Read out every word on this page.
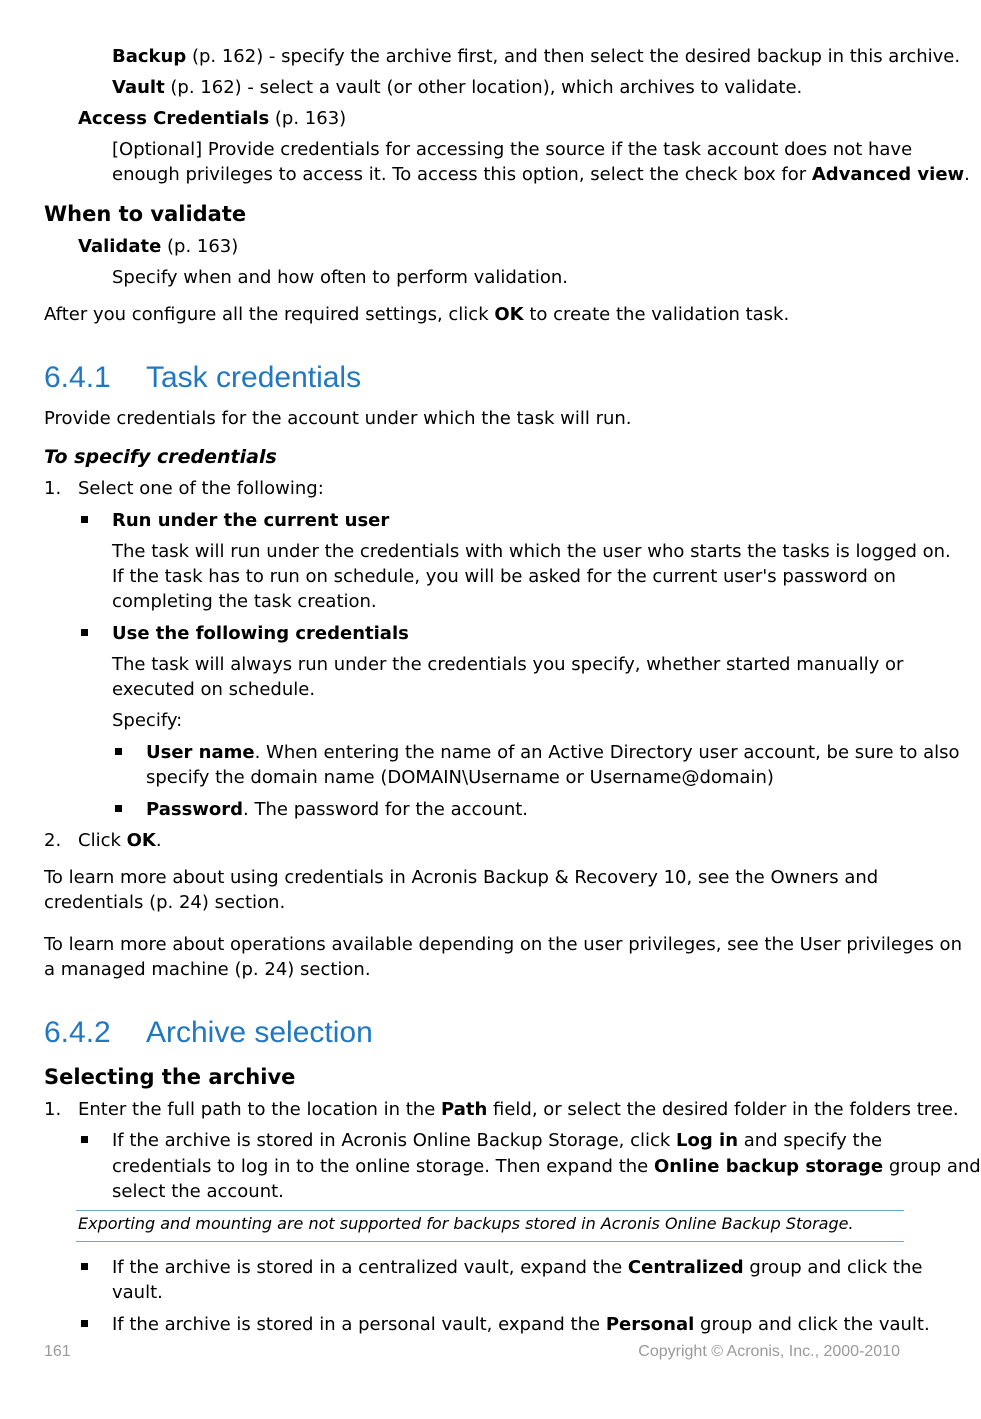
Backup (p. 162) - specify the archive first, and then select the desired backup in this archive.
Vault (p. 162) - select a vault (or other location), which archives to validate.
Access Credentials (p. 163)
[Optional] Provide credentials for accessing the source if the task account does not have
enough privileges to access it. To access this option, select the check box for Advanced view.
When to validate
Validate (p. 163)
Specify when and how often to perform validation.
After you configure all the required settings, click OK to create the validation task.
6.4.1 Task credentials
Provide credentials for the account under which the task will run.
To specify credentials
1. Select one of the following:
Run under the current user
The task will run under the credentials with which the user who starts the tasks is logged on.
If the task has to run on schedule, you will be asked for the current user's password on
completing the task creation.
Use the following credentials
The task will always run under the credentials you specify, whether started manually or
executed on schedule.
Specify:
User name. When entering the name of an Active Directory user account, be sure to also
specify the domain name (DOMAIN\Username or Username@domain)
Password. The password for the account.
2. Click OK.
To learn more about using credentials in Acronis Backup & Recovery 10, see the Owners and
credentials (p. 24) section.
To learn more about operations available depending on the user privileges, see the User privileges on
a managed machine (p. 24) section.
6.4.2 Archive selection
Selecting the archive
1. Enter the full path to the location in the Path field, or select the desired folder in the folders tree.
If the archive is stored in Acronis Online Backup Storage, click Log in and specify the
credentials to log in to the online storage. Then expand the Online backup storage group and
select the account.
Exporting and mounting are not supported for backups stored in Acronis Online Backup Storage.
If the archive is stored in a centralized vault, expand the Centralized group and click the
vault.
If the archive is stored in a personal vault, expand the Personal group and click the vault.
161	Copyright © Acronis, Inc., 2000-2010
